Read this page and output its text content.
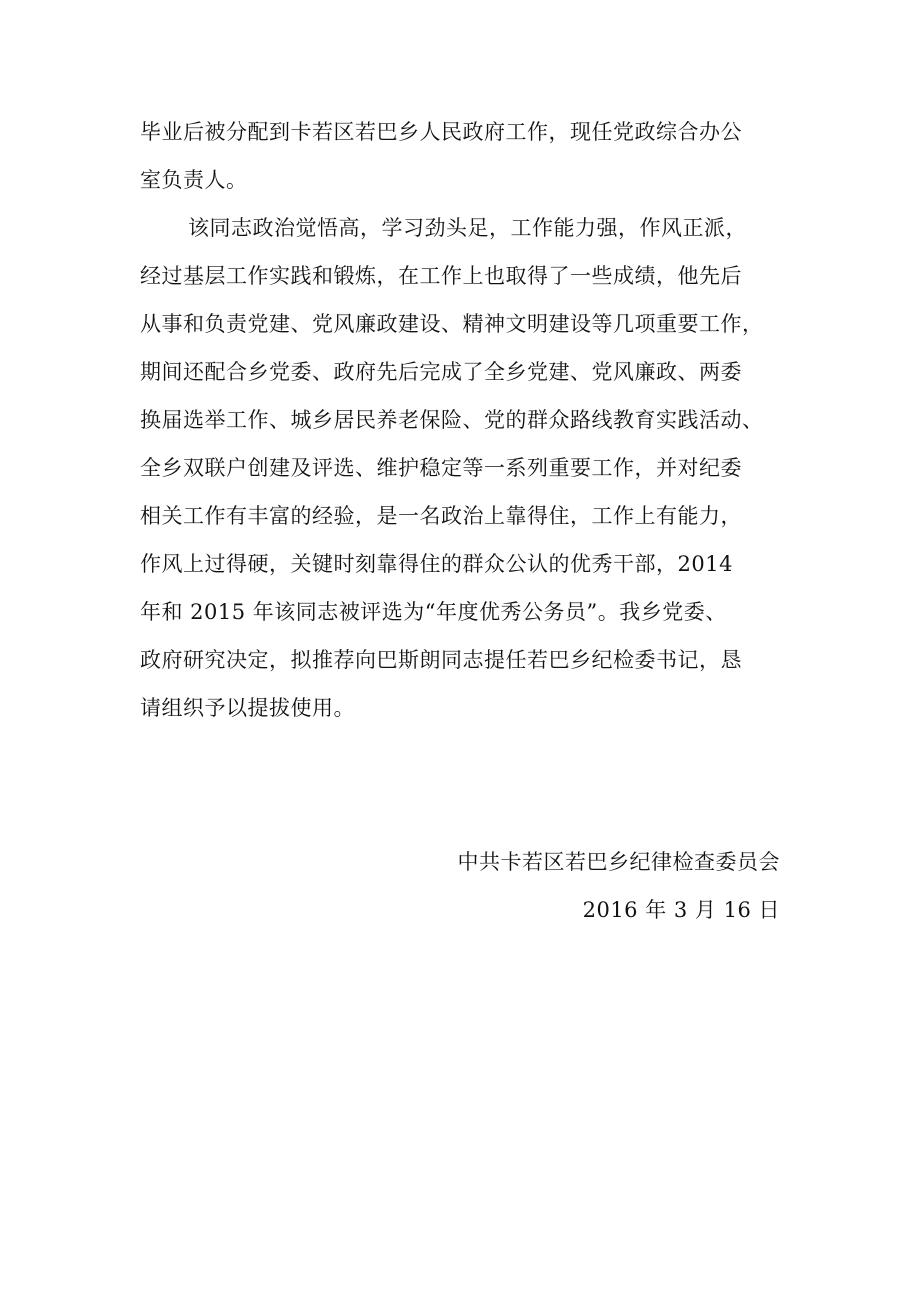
毕业后被分配到卡若区若巴乡人民政府工作，现任党政综合办公
室负责人。
该同志政治觉悟高，学习劲头足，工作能力强，作风正派，
经过基层工作实践和锻炼，在工作上也取得了一些成绩，他先后
从事和负责党建、党风廉政建设、精神文明建设等几项重要工作，
期间还配合乡党委、政府先后完成了全乡党建、党风廉政、两委
换届选举工作、城乡居民养老保险、党的群众路线教育实践活动、
全乡双联户创建及评选、维护稳定等一系列重要工作，并对纪委
相关工作有丰富的经验，是一名政治上靠得住，工作上有能力，
作风上过得硬，关键时刻靠得住的群众公认的优秀干部，2014
年和 2015 年该同志被评选为“年度优秀公务员”。我乡党委、
政府研究决定，拟推荐向巴斯朗同志提任若巴乡纪检委书记，恳
请组织予以提拔使用。
中共卡若区若巴乡纪律检查委员会
2016 年 3 月 16 日
